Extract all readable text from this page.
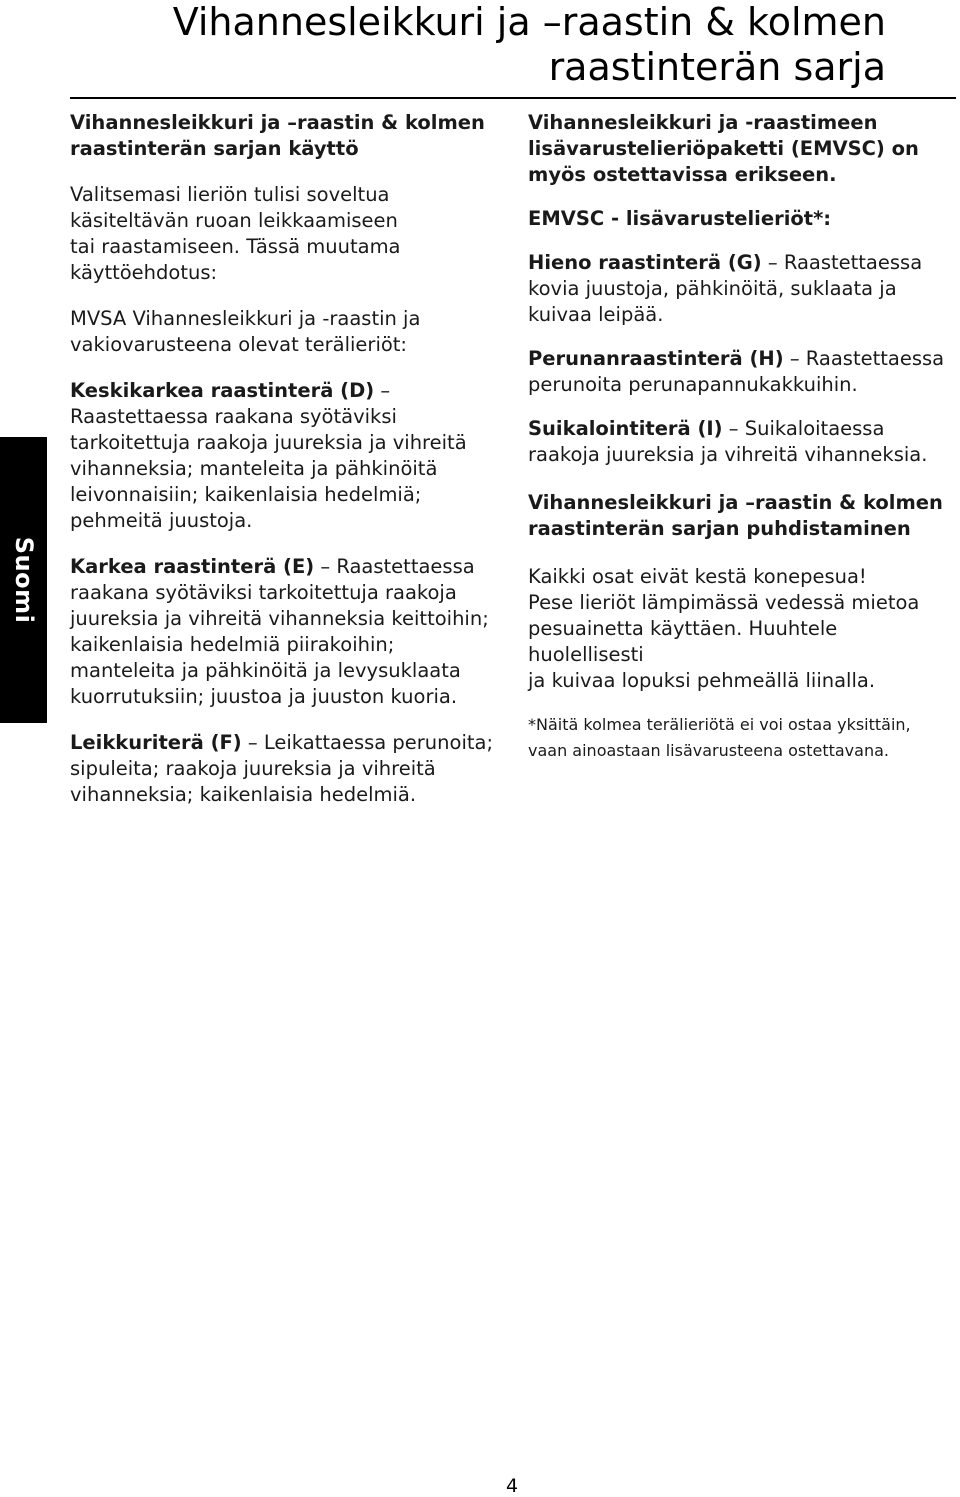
Vihannesleikkuri ja –raastin & kolmen
raastinterän sarja
Suomi

Vihannesleikkuri ja –raastin & kolmen
raastinterän sarjan käyttö

Valitsemasi lieriön tulisi soveltua
käsiteltävän ruoan leikkaamiseen
tai raastamiseen. Tässä muutama
käyttöehdotus:

MVSA Vihannesleikkuri ja -raastin ja
vakiovarusteena olevat terälieriöt:

Keskikarkea raastinterä (D) –
Raastettaessa raakana syötäviksi
tarkoitettuja raakoja juureksia ja vihreitä
vihanneksia; manteleita ja pähkinöitä
leivonnaisiin; kaikenlaisia hedelmiä;
pehmeitä juustoja.

Karkea raastinterä (E) – Raastettaessa
raakana syötäviksi tarkoitettuja raakoja
juureksia ja vihreitä vihanneksia keittoihin;
kaikenlaisia hedelmiä piirakoihin;
manteleita ja pähkinöitä ja levysuklaata
kuorrutuksiin; juustoa ja juuston kuoria.

Leikkuriterä (F) – Leikattaessa perunoita;
sipuleita; raakoja juureksia ja vihreitä
vihanneksia; kaikenlaisia hedelmiä.

Vihannesleikkuri ja -raastimeen
lisävarustelieriöpaketti (EMVSC) on
myös ostettavissa erikseen.

EMVSC - lisävarustelieriöt*:

Hieno raastinterä (G) – Raastettaessa
kovia juustoja, pähkinöitä, suklaata ja
kuivaa leipää.

Perunanraastinterä (H) – Raastettaessa
perunoita perunapannukakkuihin.

Suikalointiterä (I) – Suikaloitaessa
raakoja juureksia ja vihreitä vihanneksia.

Vihannesleikkuri ja –raastin & kolmen
raastinterän sarjan puhdistaminen

Kaikki osat eivät kestä konepesua!
Pese lieriöt lämpimässä vedessä mietoa
pesuainetta käyttäen. Huuhtele huolellisesti
ja kuivaa lopuksi pehmeällä liinalla.

*Näitä kolmea terälieriötä ei voi ostaa yksittäin,
vaan ainoastaan lisävarusteena ostettavana.

4
